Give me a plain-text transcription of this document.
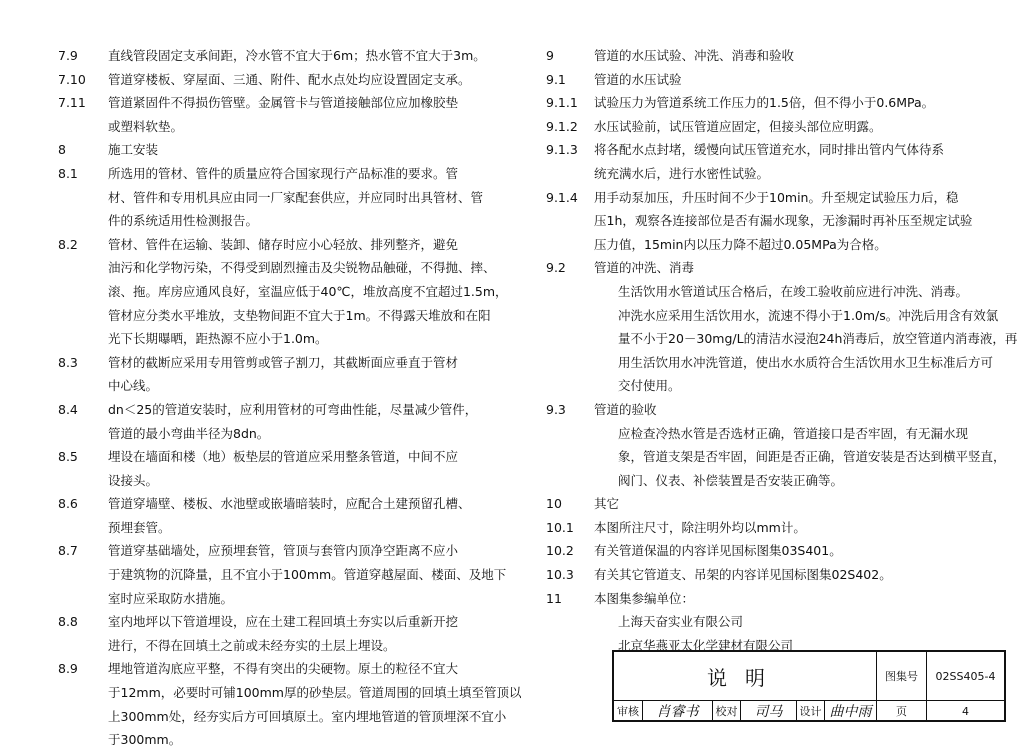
7.9	直线管段固定支承间距，冷水管不宜大于6m；热水管不宜大于3m。
7.10	管道穿楼板、穿屋面、三通、附件、配水点处均应设置固定支承。
7.11	管道紧固件不得损伤管壁。金属管卡与管道接触部位应加橡胶垫
或塑料软垫。
8	施工安装
8.1	所选用的管材、管件的质量应符合国家现行产品标准的要求。管
材、管件和专用机具应由同一厂家配套供应，并应同时出具管材、管
件的系统适用性检测报告。
8.2	管材、管件在运输、装卸、储存时应小心轻放、排列整齐，避免
油污和化学物污染，不得受到剧烈撞击及尖锐物品触碰，不得抛、摔、
滚、拖。库房应通风良好，室温应低于40℃，堆放高度不宜超过1.5m，
管材应分类水平堆放，支垫物间距不宜大于1m。不得露天堆放和在阳
光下长期曝晒，距热源不应小于1.0m。
8.3	管材的截断应采用专用管剪或管子割刀，其截断面应垂直于管材
中心线。
8.4	dn＜25的管道安装时，应利用管材的可弯曲性能，尽量减少管件，
管道的最小弯曲半径为8dn。
8.5	埋设在墙面和楼（地）板垫层的管道应采用整条管道，中间不应
设接头。
8.6	管道穿墙壁、楼板、水池壁或嵌墙暗装时，应配合土建预留孔槽、
预埋套管。
8.7	管道穿基础墙处，应预埋套管，管顶与套管内顶净空距离不应小
于建筑物的沉降量，且不宜小于100mm。管道穿越屋面、楼面、及地下
室时应采取防水措施。
8.8	室内地坪以下管道埋设，应在土建工程回填土夯实以后重新开挖
进行，不得在回填土之前或未经夯实的土层上埋设。
8.9	埋地管道沟底应平整，不得有突出的尖硬物。原土的粒径不宜大
于12mm，必要时可铺100mm厚的砂垫层。管道周围的回填土填至管顶以
上300mm处，经夯实后方可回填原土。室内埋地管道的管顶埋深不宜小
于300mm。
9	管道的水压试验、冲洗、消毒和验收
9.1	管道的水压试验
9.1.1	试验压力为管道系统工作压力的1.5倍，但不得小于0.6MPa。
9.1.2	水压试验前，试压管道应固定，但接头部位应明露。
9.1.3	将各配水点封堵，缓慢向试压管道充水，同时排出管内气体待系
统充满水后，进行水密性试验。
9.1.4	用手动泵加压，升压时间不少于10min。升至规定试验压力后，稳
压1h，观察各连接部位是否有漏水现象，无渗漏时再补压至规定试验
压力值，15min内以压力降不超过0.05MPa为合格。
9.2	管道的冲洗、消毒
生活饮用水管道试压合格后，在竣工验收前应进行冲洗、消毒。
冲洗水应采用生活饮用水，流速不得小于1.0m/s。冲洗后用含有效氯
量不小于20－30mg/L的清洁水浸泡24h消毒后，放空管道内消毒液，再
用生活饮用水冲洗管道，使出水水质符合生活饮用水卫生标准后方可
交付使用。
9.3	管道的验收
应检查冷热水管是否选材正确，管道接口是否牢固，有无漏水现
象，管道支架是否牢固，间距是否正确，管道安装是否达到横平竖直，
阀门、仪表、补偿装置是否安装正确等。
10	其它
10.1	本图所注尺寸，除注明外均以mm计。
10.2	有关管道保温的内容详见国标图集03S401。
10.3	有关其它管道支、吊架的内容详见国标图集02S402。
11	本图集参编单位：
上海天奋实业有限公司
北京华燕亚太化学建材有限公司
说明	图集号 02SS405-4
审核 肖睿书 校对 司马 设计 曲中雨 页	4
